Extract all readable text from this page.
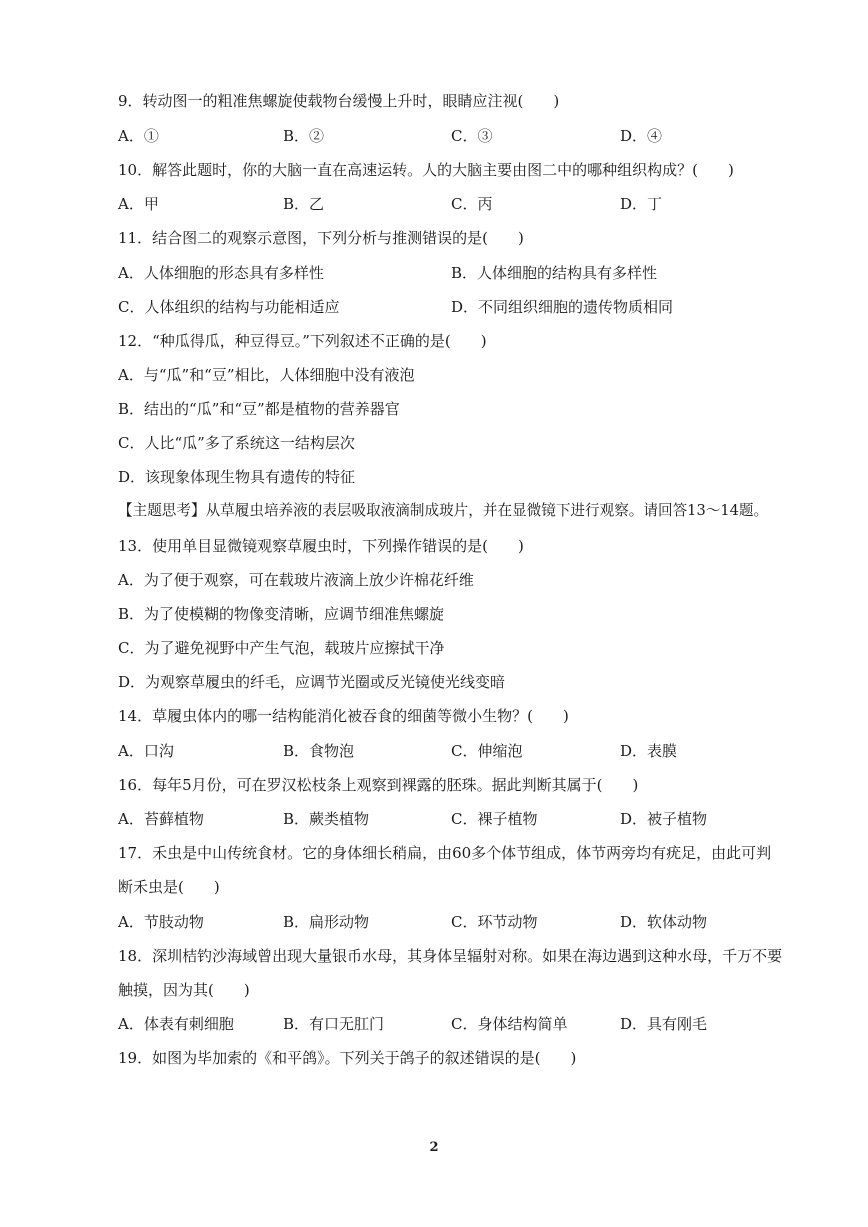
9．转动图一的粗准焦螺旋使载物台缓慢上升时，眼睛应注视(　　)
A．①	B．②	C．③	D．④
10．解答此题时，你的大脑一直在高速运转。人的大脑主要由图二中的哪种组织构成？(　　)
A．甲	B．乙	C．丙	D．丁
11．结合图二的观察示意图，下列分析与推测错误的是(　　)
A．人体细胞的形态具有多样性	B．人体细胞的结构具有多样性
C．人体组织的结构与功能相适应	D．不同组织细胞的遗传物质相同
12．“种瓜得瓜，种豆得豆。”下列叙述不正确的是(　　)
A．与“瓜”和“豆”相比，人体细胞中没有液泡
B．结出的“瓜”和“豆”都是植物的营养器官
C．人比“瓜”多了系统这一结构层次
D．该现象体现生物具有遗传的特征
【主题思考】从草履虫培养液的表层吸取液滴制成玻片，并在显微镜下进行观察。请回答13～14题。
13．使用单目显微镜观察草履虫时，下列操作错误的是(　　)
A．为了便于观察，可在载玻片液滴上放少许棉花纤维
B．为了使模糊的物像变清晰，应调节细准焦螺旋
C．为了避免视野中产生气泡，载玻片应擦拭干净
D．为观察草履虫的纤毛，应调节光圈或反光镜使光线变暗
14．草履虫体内的哪一结构能消化被吞食的细菌等微小生物？(　　)
A．口沟	B．食物泡	C．伸缩泡	D．表膜
16．每年5月份，可在罗汉松枝条上观察到裸露的胚珠。据此判断其属于(　　)
A．苔藓植物	B．蕨类植物	C．裸子植物	D．被子植物
17．禾虫是中山传统食材。它的身体细长稍扁，由60多个体节组成，体节两旁均有疣足，由此可判
断禾虫是(　　)
A．节肢动物	B．扁形动物	C．环节动物	D．软体动物
18．深圳桔钓沙海域曾出现大量银币水母，其身体呈辐射对称。如果在海边遇到这种水母，千万不要
触摸，因为其(　　)
A．体表有刺细胞	B．有口无肛门	C．身体结构简单	D．具有刚毛
19．如图为毕加索的《和平鸽》。下列关于鸽子的叙述错误的是(　　)
2
